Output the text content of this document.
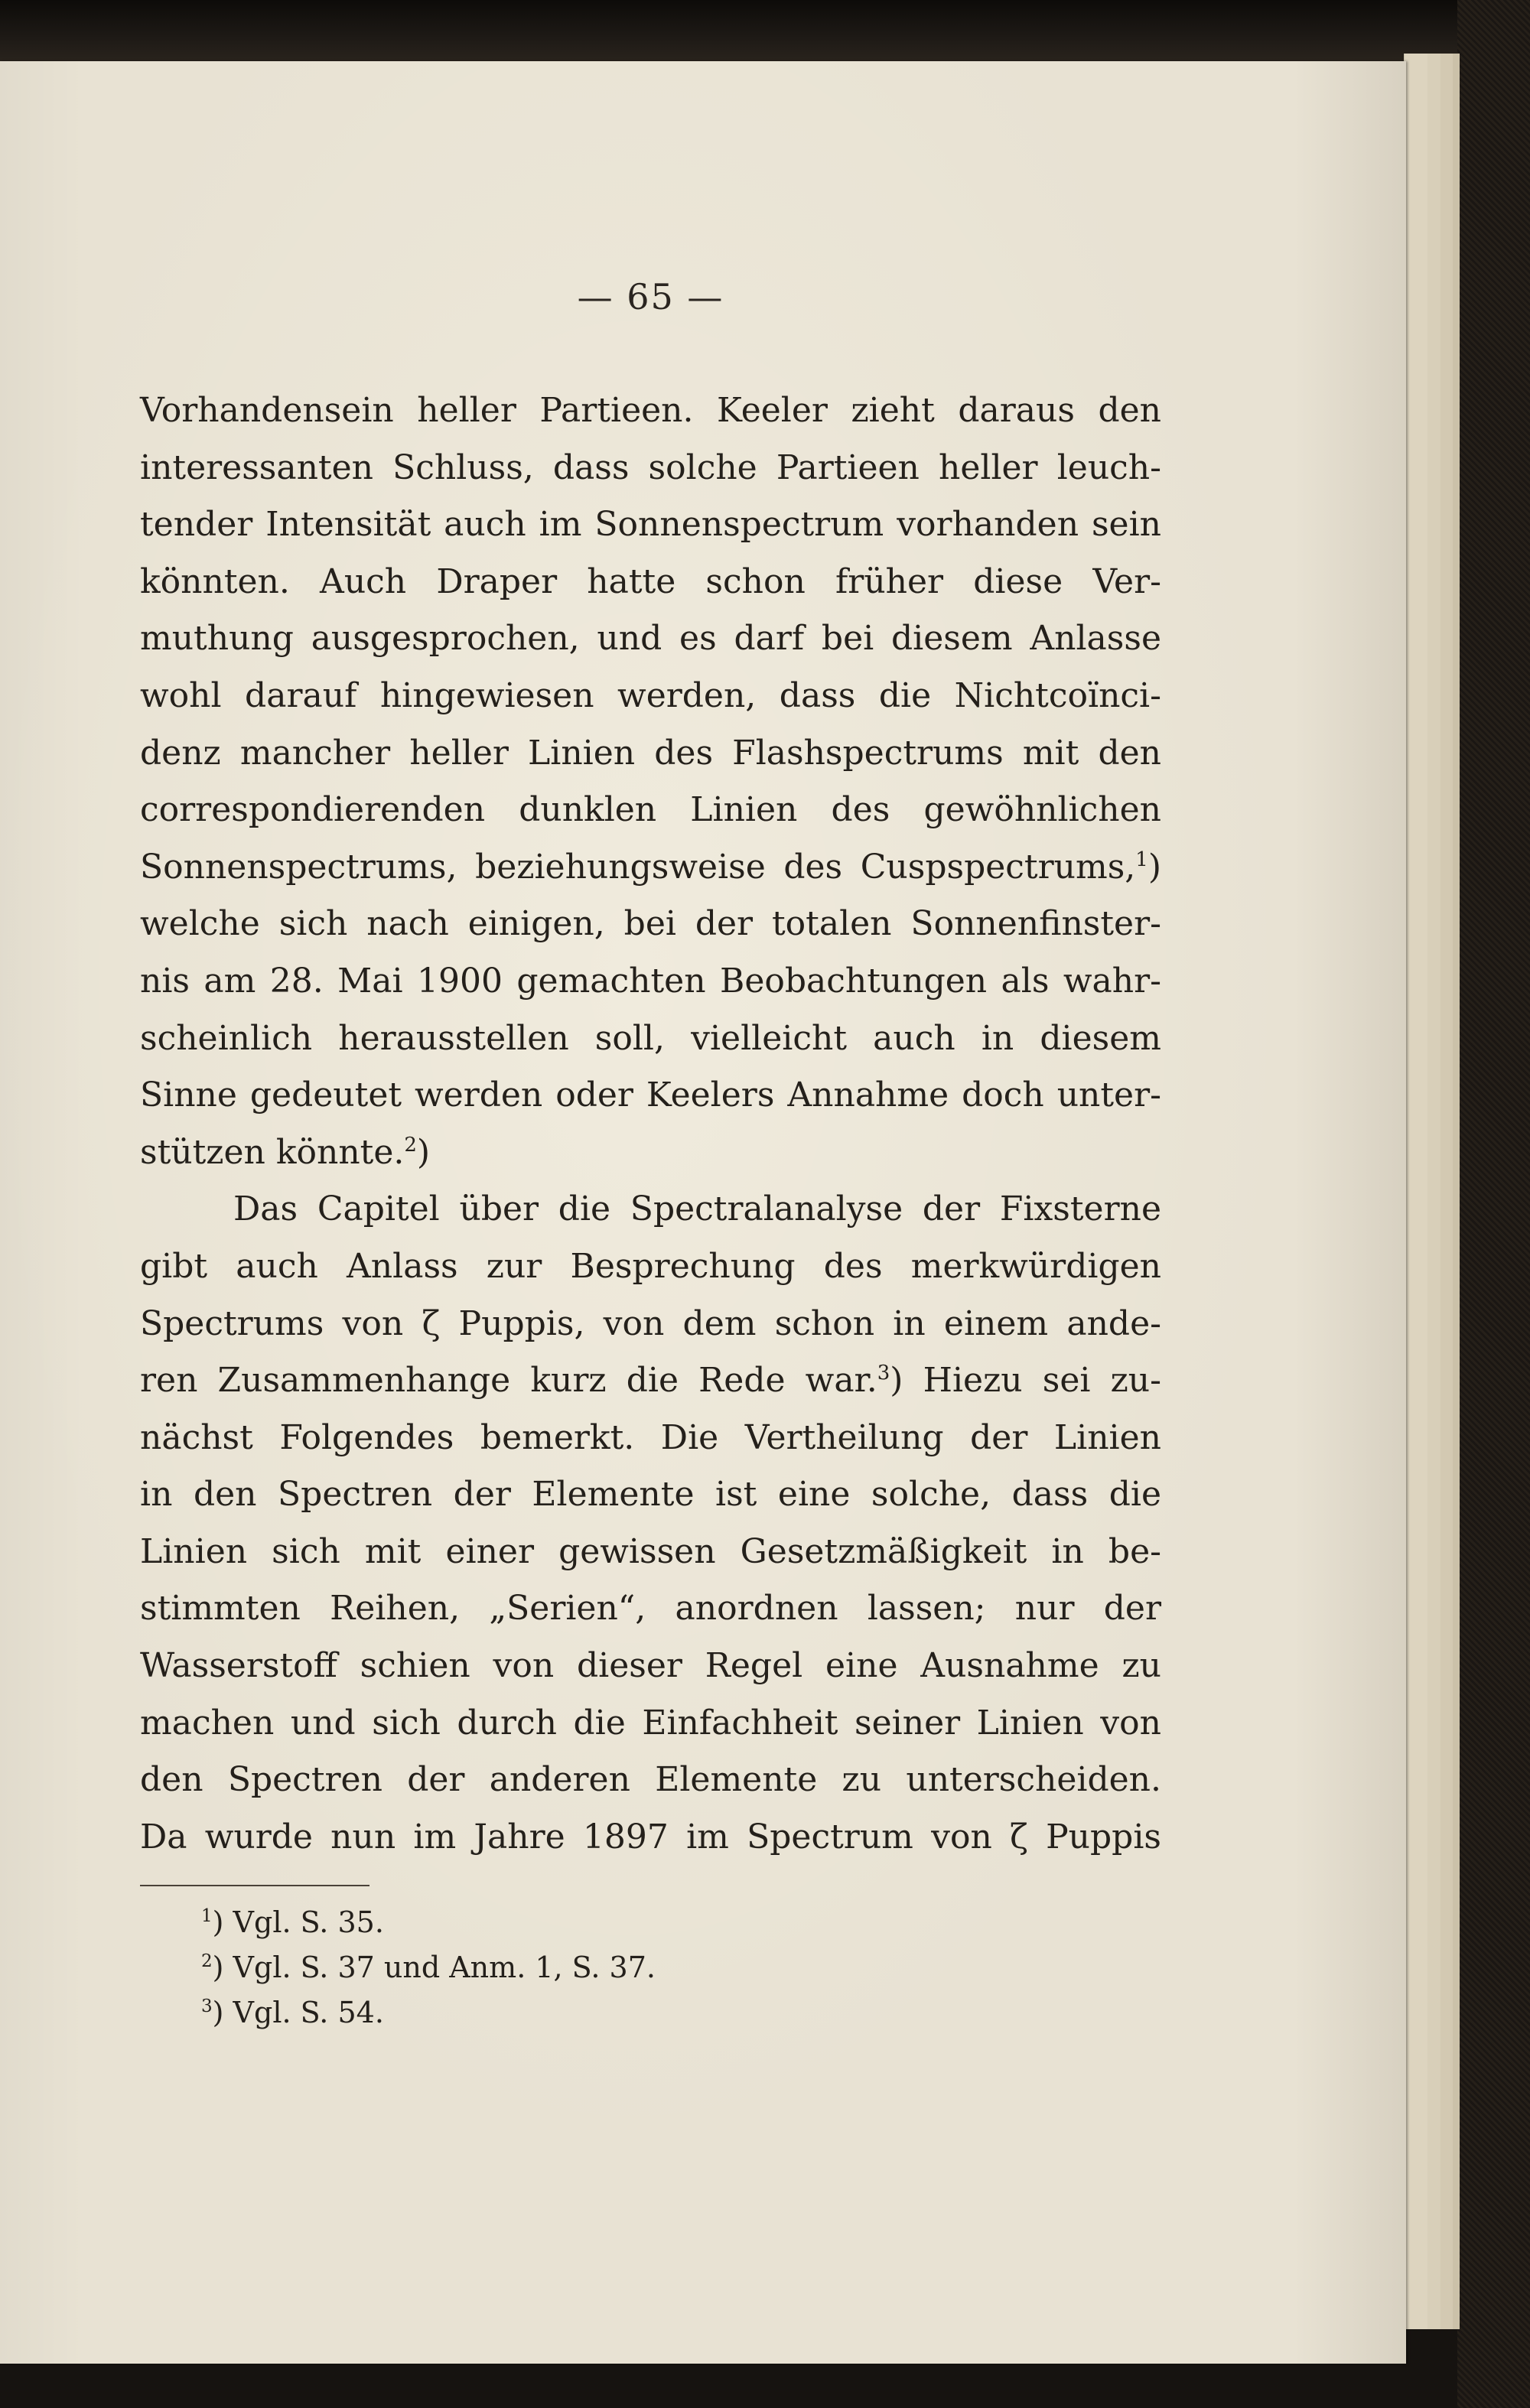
— 65 —
Vorhandensein heller Partieen. Keeler zieht daraus den
interessanten Schluss, dass solche Partieen heller leuch-
tender Intensität auch im Sonnenspectrum vorhanden sein
könnten. Auch Draper hatte schon früher diese Ver-
muthung ausgesprochen, und es darf bei diesem Anlasse
wohl darauf hingewiesen werden, dass die Nichtcoïnci-
denz mancher heller Linien des Flashspectrums mit den
correspondierenden dunklen Linien des gewöhnlichen
Sonnenspectrums, beziehungsweise des Cuspspectrums,$^1$)
welche sich nach einigen, bei der totalen Sonnenfinster-
nis am 28. Mai 1900 gemachten Beobachtungen als wahr-
scheinlich herausstellen soll, vielleicht auch in diesem
Sinne gedeutet werden oder Keelers Annahme doch unter-
stützen könnte.$^2$)
Das Capitel über die Spectralanalyse der Fixsterne
gibt auch Anlass zur Besprechung des merkwürdigen
Spectrums von ζ Puppis, von dem schon in einem ande-
ren Zusammenhange kurz die Rede war.$^3$) Hiezu sei zu-
nächst Folgendes bemerkt. Die Vertheilung der Linien
in den Spectren der Elemente ist eine solche, dass die
Linien sich mit einer gewissen Gesetzmäßigkeit in be-
stimmten Reihen, „Serien“, anordnen lassen; nur der
Wasserstoff schien von dieser Regel eine Ausnahme zu
machen und sich durch die Einfachheit seiner Linien von
den Spectren der anderen Elemente zu unterscheiden.
Da wurde nun im Jahre 1897 im Spectrum von ζ Puppis
$^1$) Vgl. S. 35.
$^2$) Vgl. S. 37 und Anm. 1, S. 37.
$^3$) Vgl. S. 54.
